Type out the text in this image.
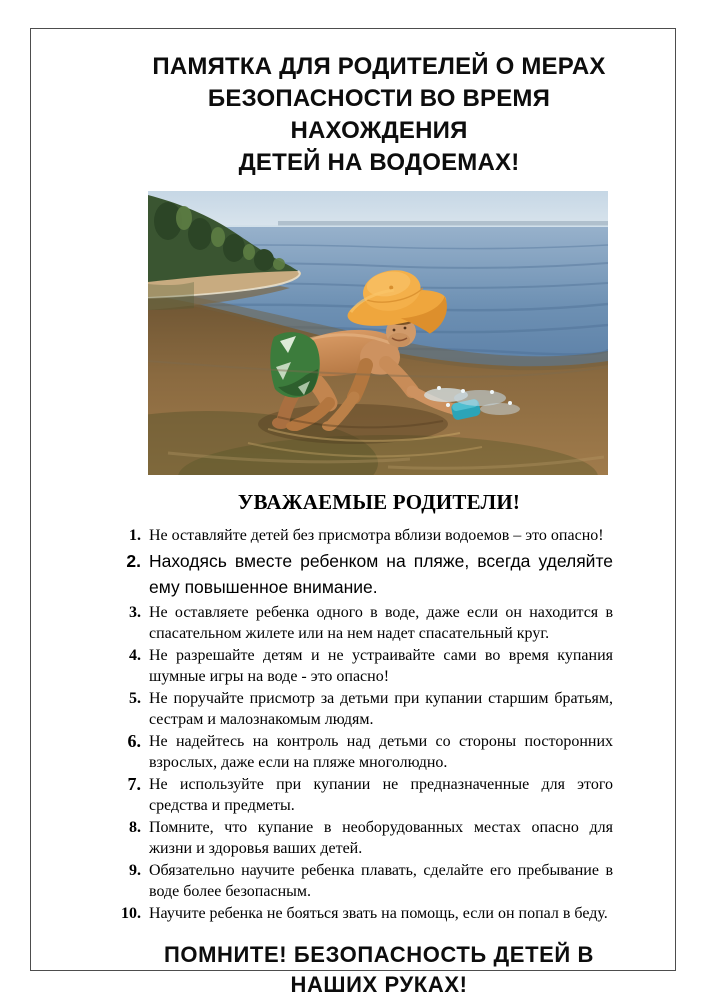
ПАМЯТКА ДЛЯ РОДИТЕЛЕЙ О МЕРАХ
БЕЗОПАСНОСТИ ВО ВРЕМЯ НАХОЖДЕНИЯ
ДЕТЕЙ НА ВОДОЕМАХ!
УВАЖАЕМЫЕ РОДИТЕЛИ!
1. Не оставляйте детей без присмотра вблизи водоемов – это опасно!
2. Находясь вместе ребенком на пляже, всегда уделяйте ему повышенное внимание.
3. Не оставляете ребенка одного в воде, даже если он находится в спасательном жилете или на нем надет спасательный круг.
4. Не разрешайте детям и не устраивайте сами во время купания шумные игры на воде - это опасно!
5. Не поручайте присмотр за детьми при купании старшим братьям, сестрам и малознакомым людям.
6. Не надейтесь на контроль над детьми со стороны посторонних взрослых, даже если на пляже многолюдно.
7. Не используйте при купании не предназначенные для этого средства и предметы.
8. Помните, что купание в необорудованных местах опасно для жизни и здоровья ваших детей.
9. Обязательно научите ребенка плавать, сделайте его пребывание в воде более безопасным.
10. Научите ребенка не бояться звать на помощь, если он попал в беду.
ПОМНИТЕ! БЕЗОПАСНОСТЬ ДЕТЕЙ В
НАШИХ РУКАХ!
